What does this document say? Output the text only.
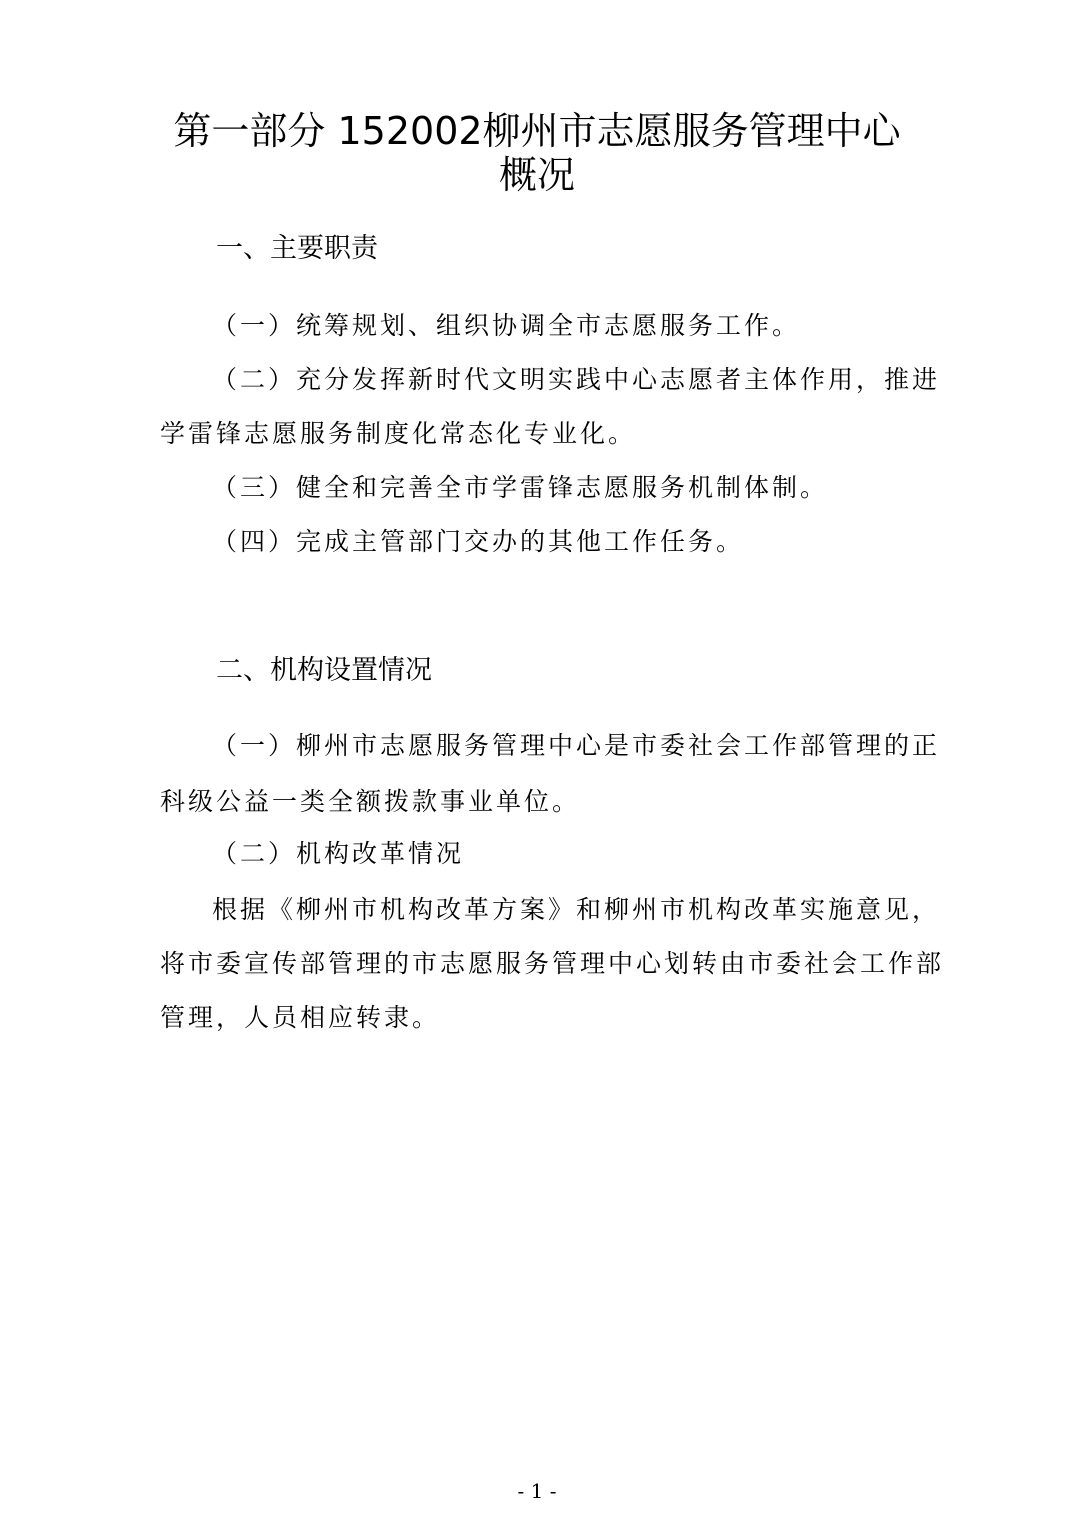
第一部分 152002柳州市志愿服务管理中心
概况
一、主要职责
（一）统筹规划、组织协调全市志愿服务工作。
（二）充分发挥新时代文明实践中心志愿者主体作用，推进
学雷锋志愿服务制度化常态化专业化。
（三）健全和完善全市学雷锋志愿服务机制体制。
（四）完成主管部门交办的其他工作任务。
二、机构设置情况
（一）柳州市志愿服务管理中心是市委社会工作部管理的正
科级公益一类全额拨款事业单位。
（二）机构改革情况
根据《柳州市机构改革方案》和柳州市机构改革实施意见，
将市委宣传部管理的市志愿服务管理中心划转由市委社会工作部
管理，人员相应转隶。
- 1 -
